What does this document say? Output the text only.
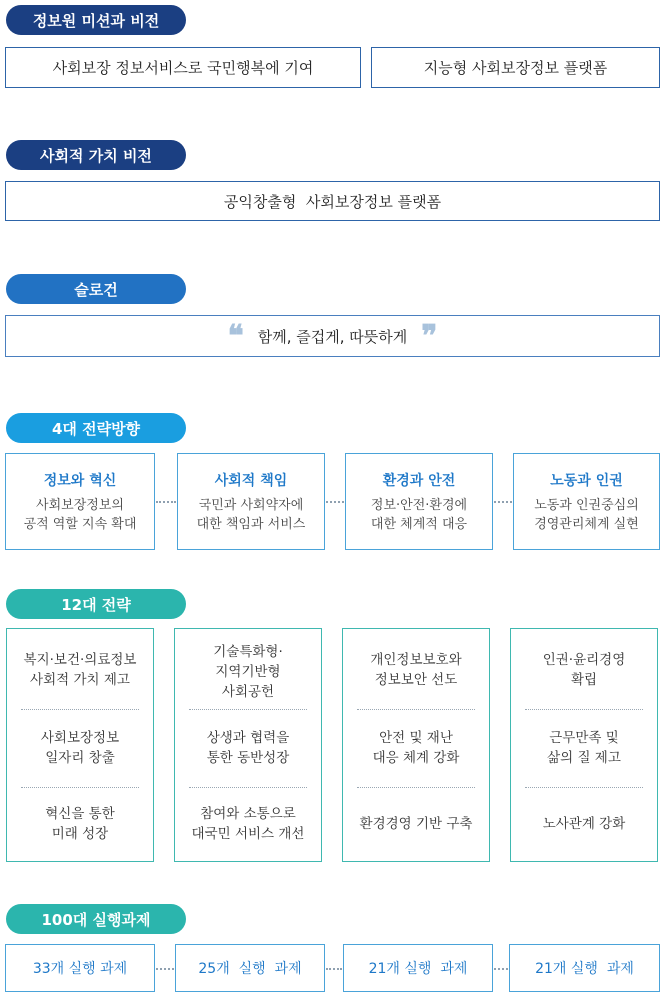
정보원 미션과 비전
사회보장 정보서비스로 국민행복에 기여	지능형 사회보장정보 플랫폼
사회적 가치 비전
공익창출형  사회보장정보 플랫폼
슬로건
❝ 함께, 즐겁게, 따뜻하게 ❞
4대 전략방향
정보와 혁신
사회보장정보의
공적 역할 지속 확대
사회적 책임
국민과 사회약자에
대한 책임과 서비스
환경과 안전
정보·안전·환경에
대한 체계적 대응
노동과 인권
노동과 인권중심의
경영관리체계 실현
12대 전략
복지·보건·의료정보
사회적 가치 제고
사회보장정보
일자리 창출
혁신을 통한
미래 성장
기술특화형·
지역기반형
사회공헌
상생과 협력을
통한 동반성장
참여와 소통으로
대국민 서비스 개선
개인정보보호와
정보보안 선도
안전 및 재난
대응 체계 강화
환경경영 기반 구축
인권·윤리경영
확립
근무만족 및
삶의 질 제고
노사관계 강화
100대 실행과제
33개 실행 과제	25개  실행  과제	21개 실행  과제	21개 실행  과제
